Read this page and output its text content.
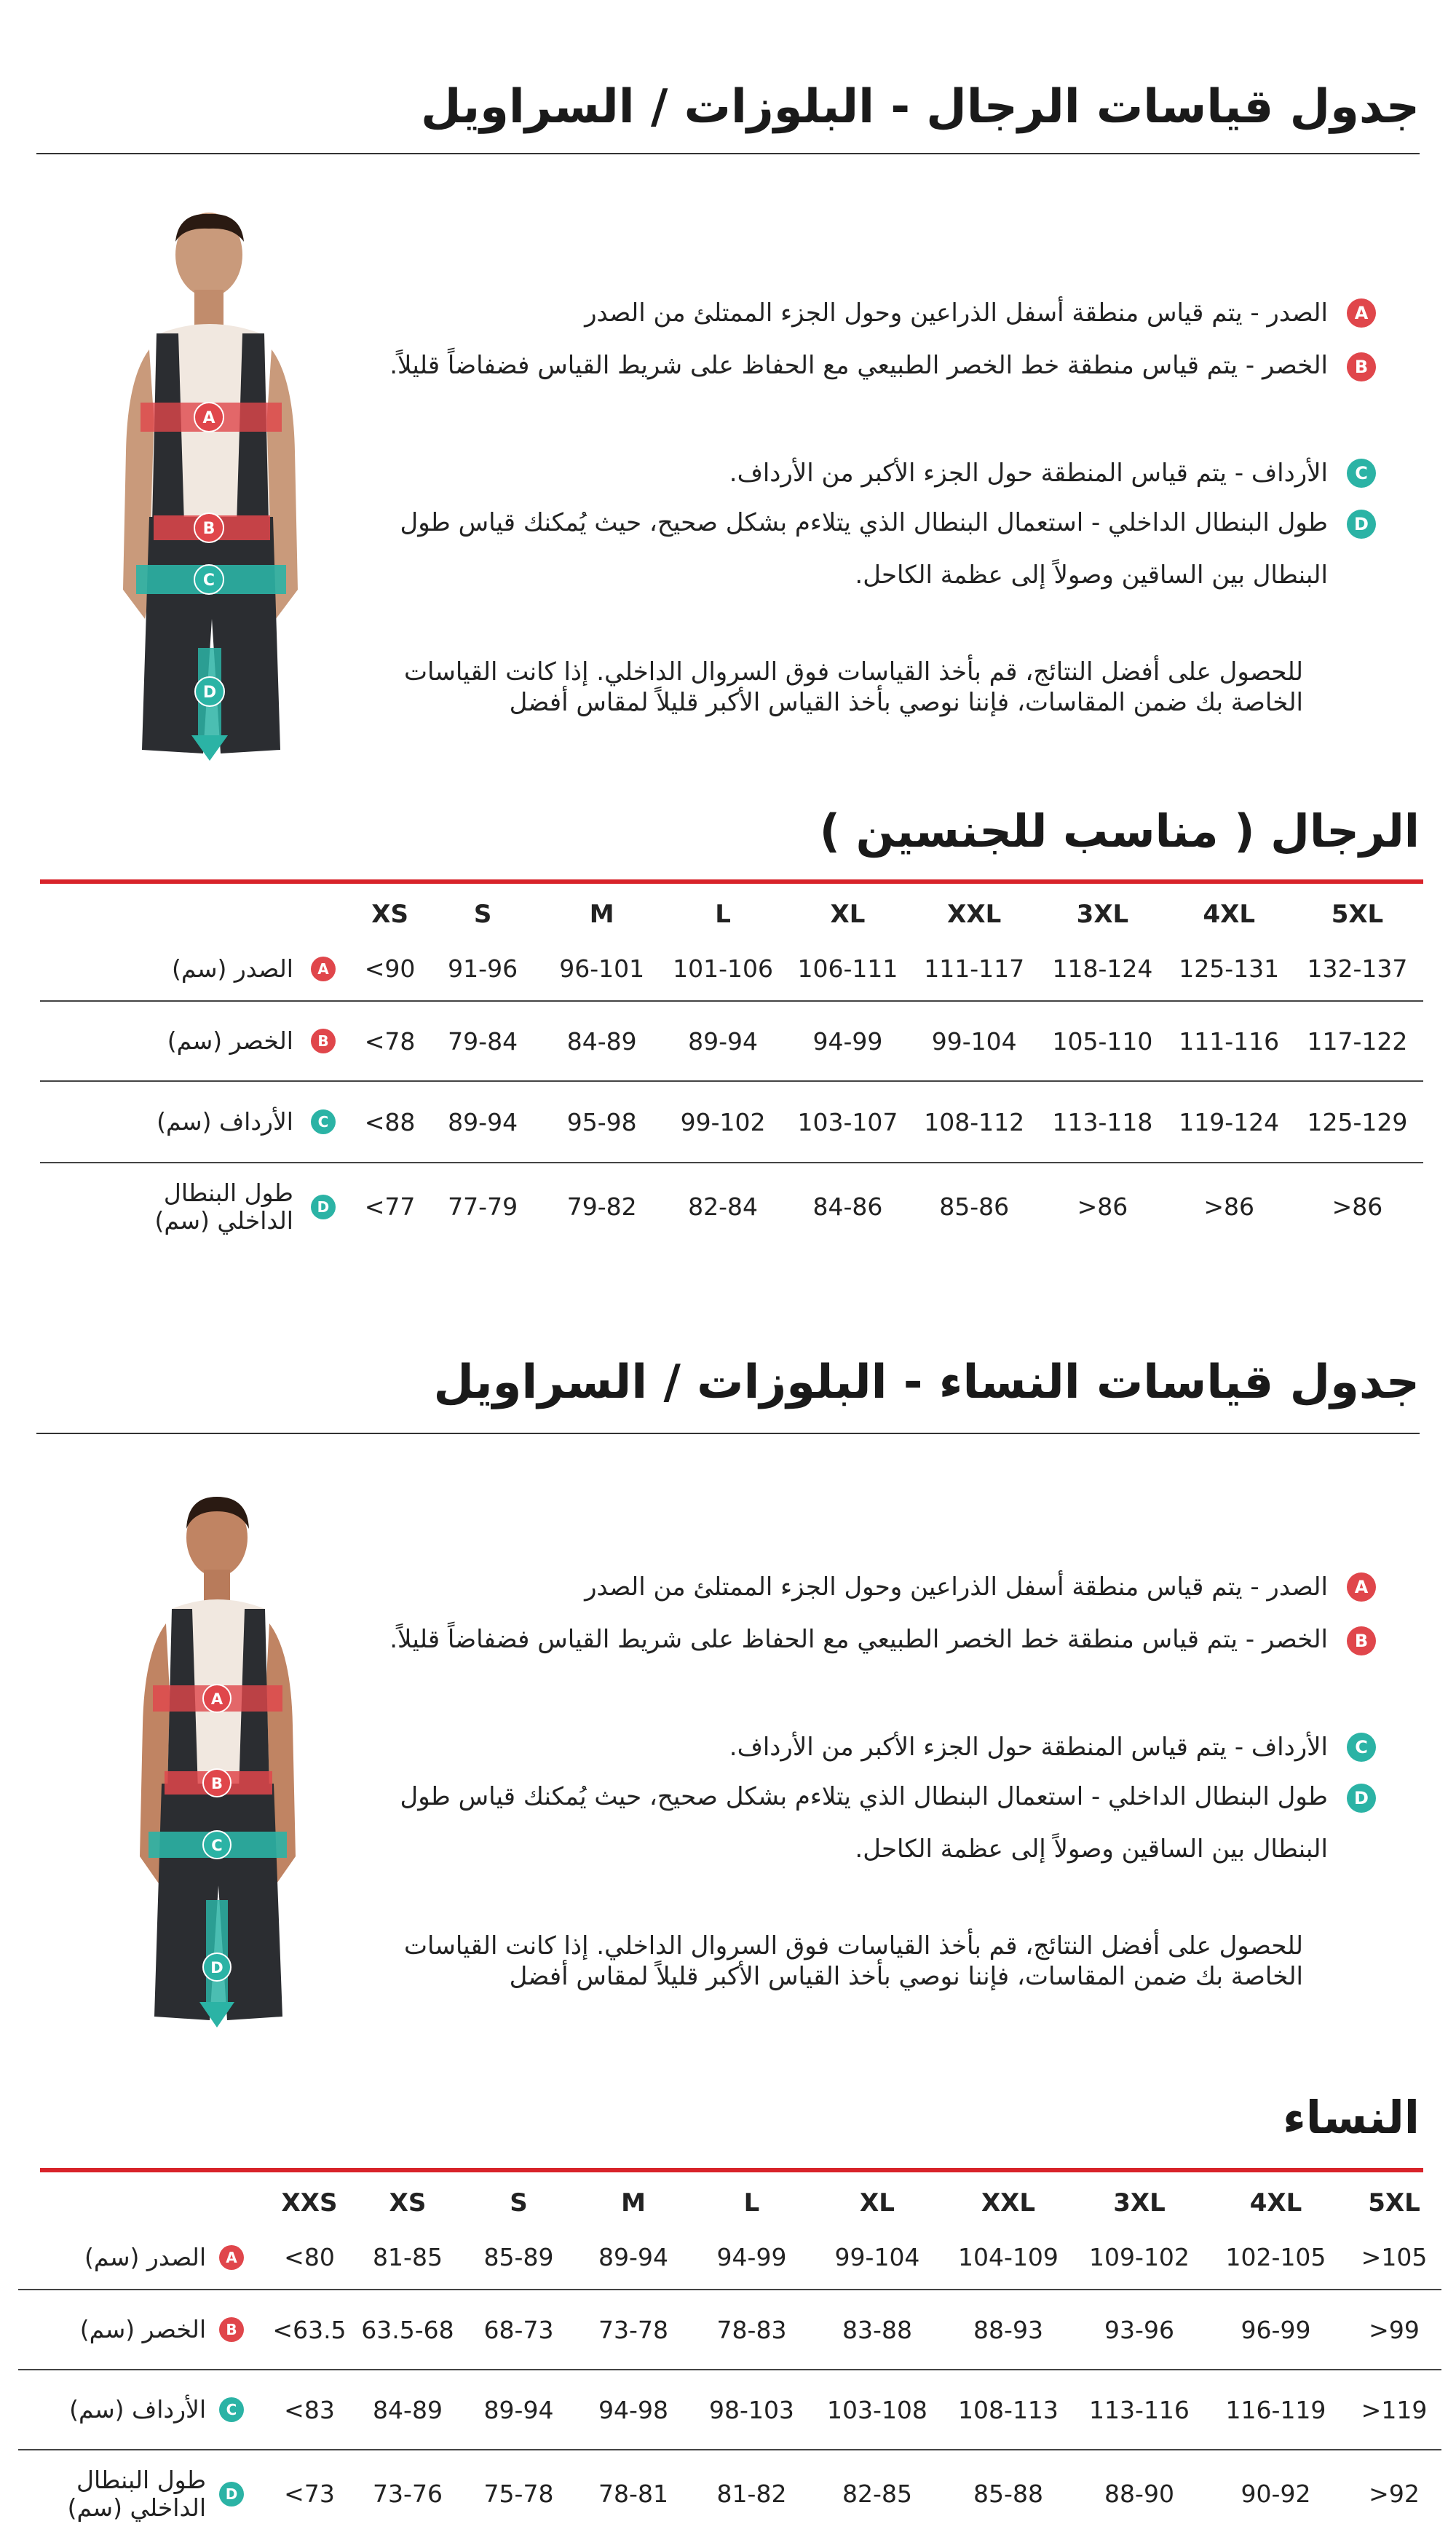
جدول قياسات الرجال - البلوزات / السراويل
A
B
C
D
A
الصدر - يتم قياس منطقة أسفل الذراعين وحول الجزء الممتلئ من الصدر
B
الخصر - يتم قياس منطقة خط الخصر الطبيعي مع الحفاظ على شريط القياس فضفاضاً قليلاً.
C
الأرداف - يتم قياس المنطقة حول الجزء الأكبر من الأرداف.
D
طول البنطال الداخلي - استعمال البنطال الذي يتلاءم بشكل صحيح، حيث يُمكنك قياس طول البنطال بين الساقين وصولاً إلى عظمة الكاحل.
للحصول على أفضل النتائج، قم بأخذ القياسات فوق السروال الداخلي. إذا كانت القياسات الخاصة بك ضمن المقاسات، فإننا نوصي بأخذ القياس الأكبر قليلاً لمقاس أفضل
الرجال ( مناسب للجنسين )
	XS	S	M	L	XL	XXL	3XL	4XL	5XL

الصدر (سم) A	<90	91-96	96-101	101-106	106-111	111-117	118-124	125-131	132-137

الخصر (سم) B	<78	79-84	84-89	89-94	94-99	99-104	105-110	111-116	117-122

الأرداف (سم) C	<88	89-94	95-98	99-102	103-107	108-112	113-118	119-124	125-129

طول البنطال الداخلي (سم) D	<77	77-79	79-82	82-84	84-86	85-86	>86	>86	>86
جدول قياسات النساء - البلوزات / السراويل
A
B
C
D
A
الصدر - يتم قياس منطقة أسفل الذراعين وحول الجزء الممتلئ من الصدر
B
الخصر - يتم قياس منطقة خط الخصر الطبيعي مع الحفاظ على شريط القياس فضفاضاً قليلاً.
C
الأرداف - يتم قياس المنطقة حول الجزء الأكبر من الأرداف.
D
طول البنطال الداخلي - استعمال البنطال الذي يتلاءم بشكل صحيح، حيث يُمكنك قياس طول البنطال بين الساقين وصولاً إلى عظمة الكاحل.
للحصول على أفضل النتائج، قم بأخذ القياسات فوق السروال الداخلي. إذا كانت القياسات الخاصة بك ضمن المقاسات، فإننا نوصي بأخذ القياس الأكبر قليلاً لمقاس أفضل
النساء
	XXS	XS	S	M	L	XL	XXL	3XL	4XL	5XL

الصدر (سم) A	<80	81-85	85-89	89-94	94-99	99-104	104-109	109-102	102-105	>105

الخصر (سم) B	<63.5	63.5-68	68-73	73-78	78-83	83-88	88-93	93-96	96-99	>99

الأرداف (سم) C	<83	84-89	89-94	94-98	98-103	103-108	108-113	113-116	116-119	>119

طول البنطال الداخلي (سم) D	<73	73-76	75-78	78-81	81-82	82-85	85-88	88-90	90-92	>92
